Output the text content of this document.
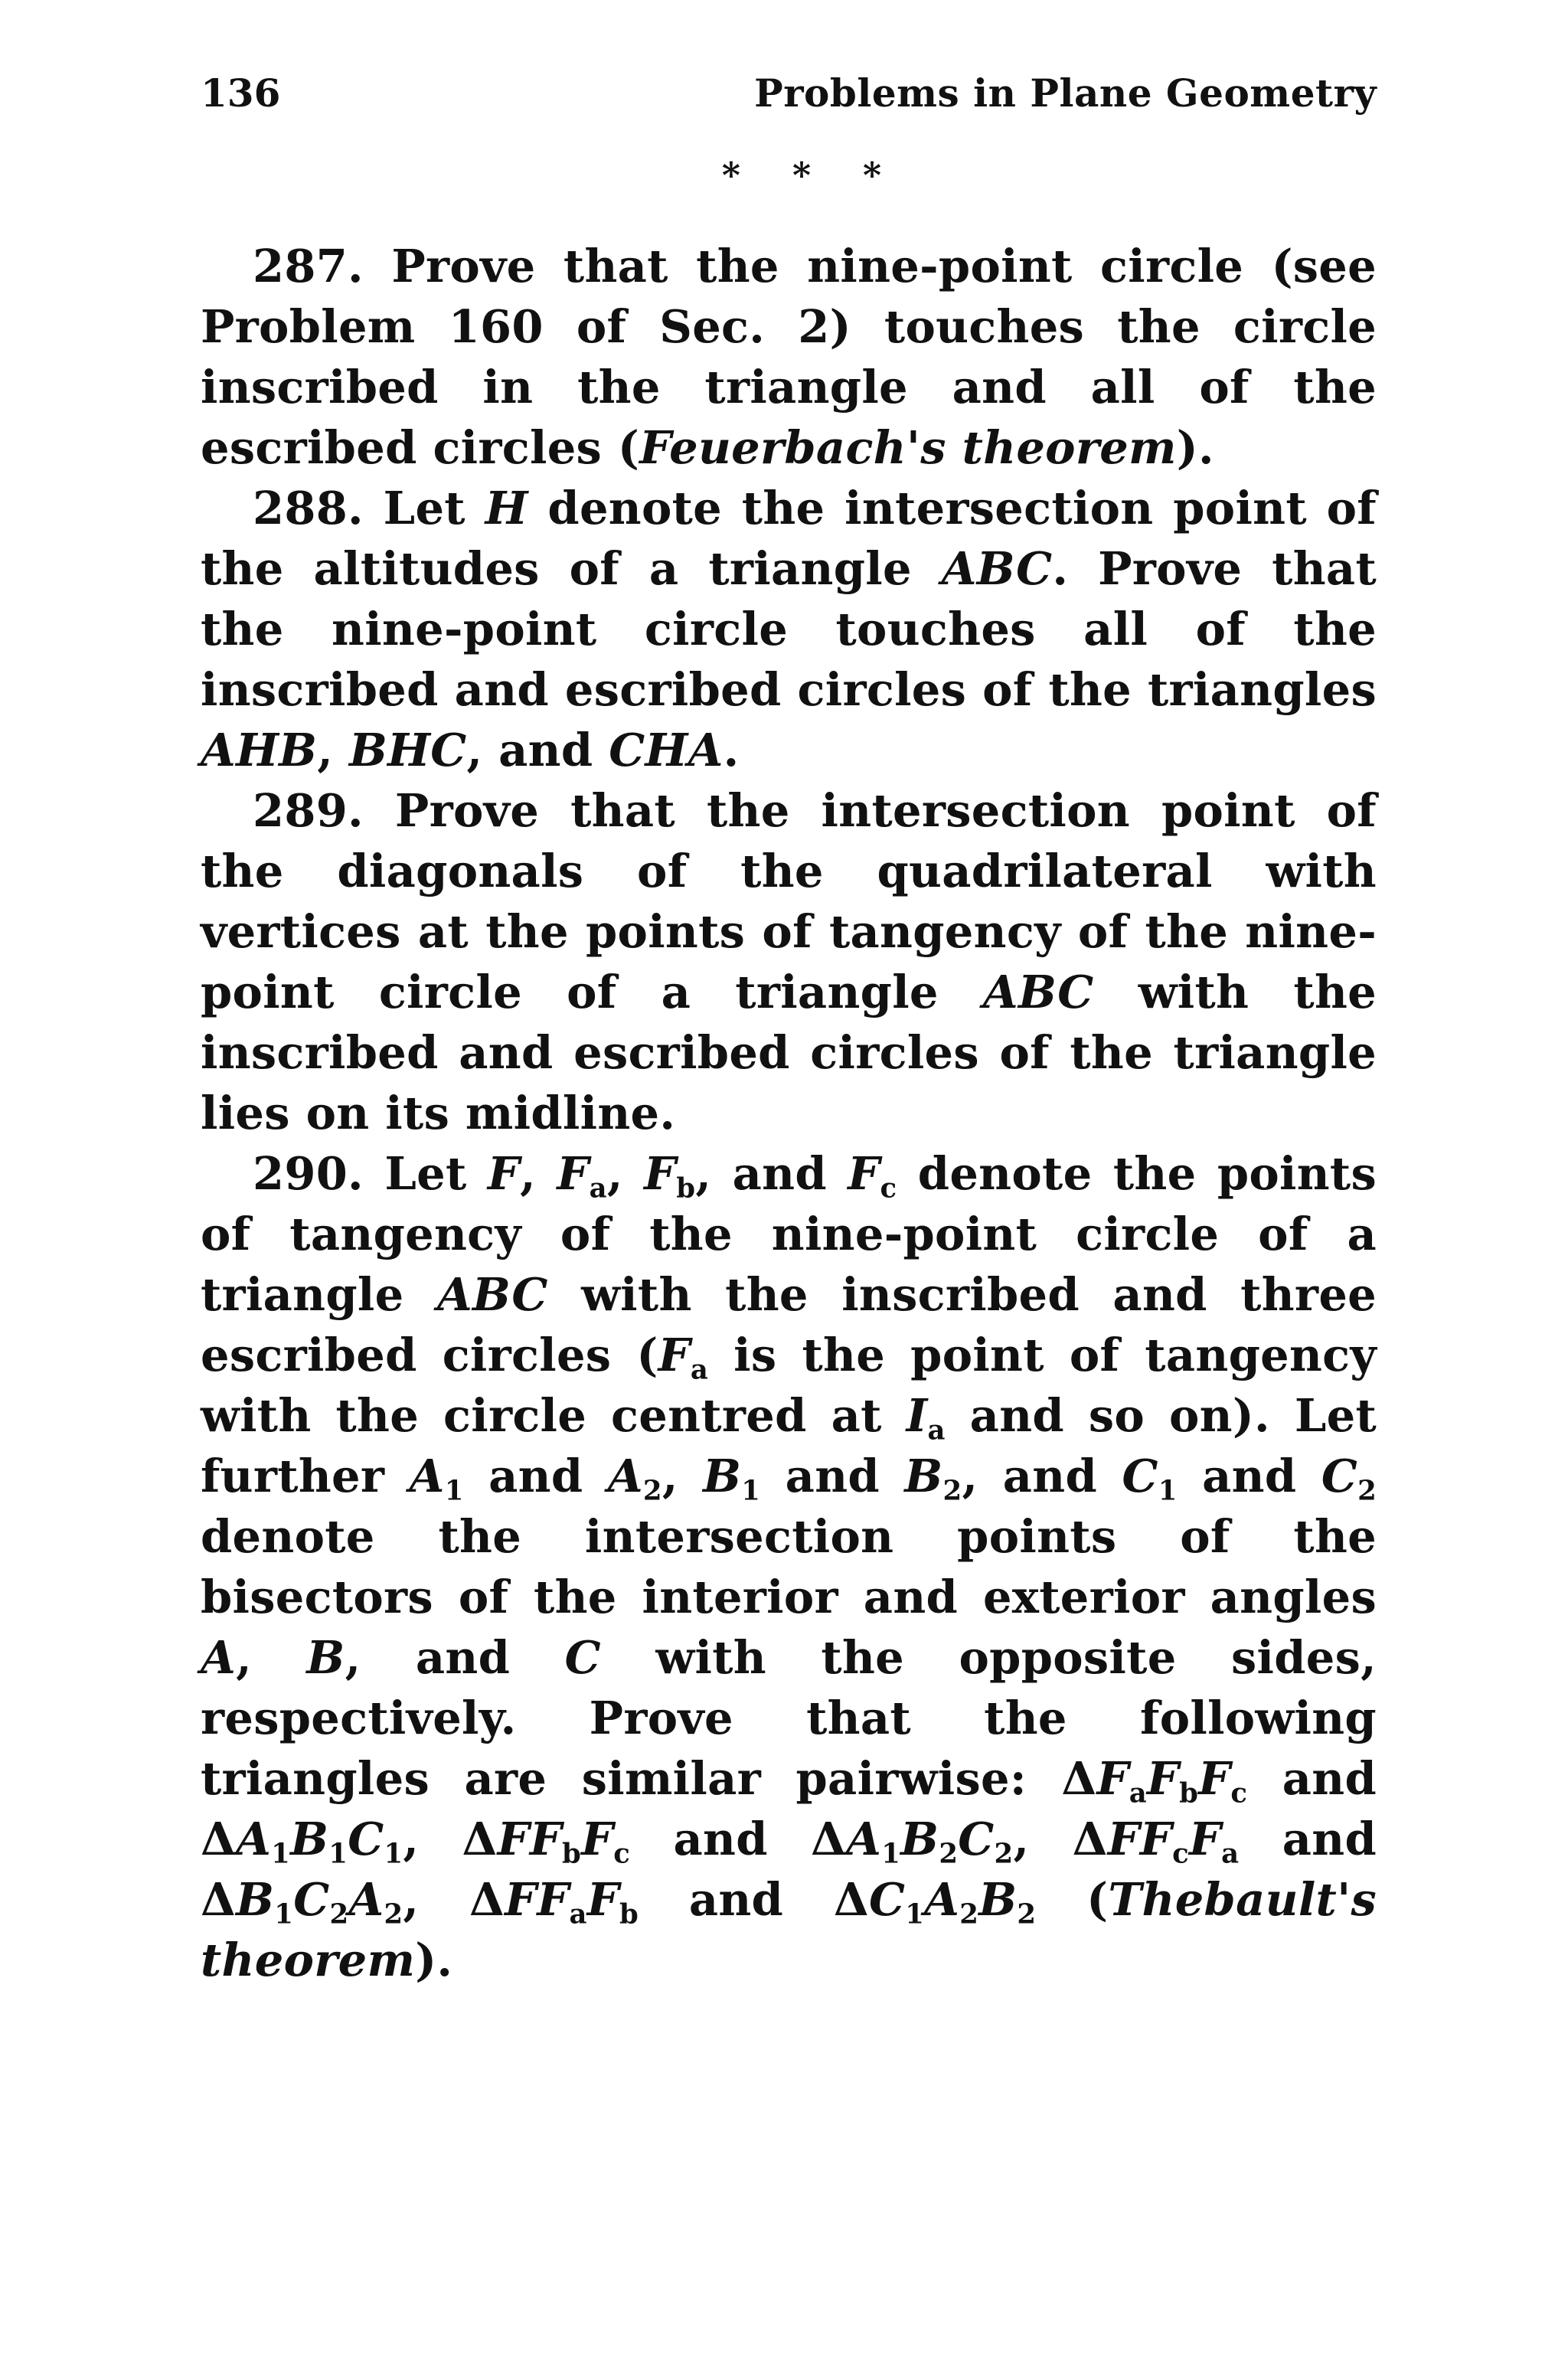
136	Problems in Plane Geometry
* * *

287. Prove that the nine-point circle (see Problem 160 of Sec. 2) touches the circle inscribed in the triangle and all of the escribed circles (Feuerbach's theorem).

288. Let H denote the intersection point of the altitudes of a triangle ABC. Prove that the nine-point circle touches all of the inscribed and escribed circles of the triangles AHB, BHC, and CHA.

289. Prove that the intersection point of the diagonals of the quadrilateral with vertices at the points of tangency of the nine-point circle of a triangle ABC with the inscribed and escribed circles of the triangle lies on its midline.

290. Let F, $F_a$, $F_b$, and $F_c$ denote the points of tangency of the nine-point circle of a triangle ABC with the inscribed and three escribed circles ($F_a$ is the point of tangency with the circle centred at $I_a$ and so on). Let further $A_1$ and $A_2$, $B_1$ and $B_2$, and $C_1$ and $C_2$ denote the intersection points of the bisectors of the interior and exterior angles A, B, and C with the opposite sides, respectively. Prove that the following triangles are similar pairwise: $\Delta F_aF_bF_c$ and $\Delta A_1B_1C_1$, $\Delta FF_bF_c$ and $\Delta A_1B_2C_2$, $\Delta FF_cF_a$ and $\Delta B_1C_2A_2$, $\Delta FF_aF_b$ and $\Delta C_1A_2B_2$ (Thebault's theorem).
